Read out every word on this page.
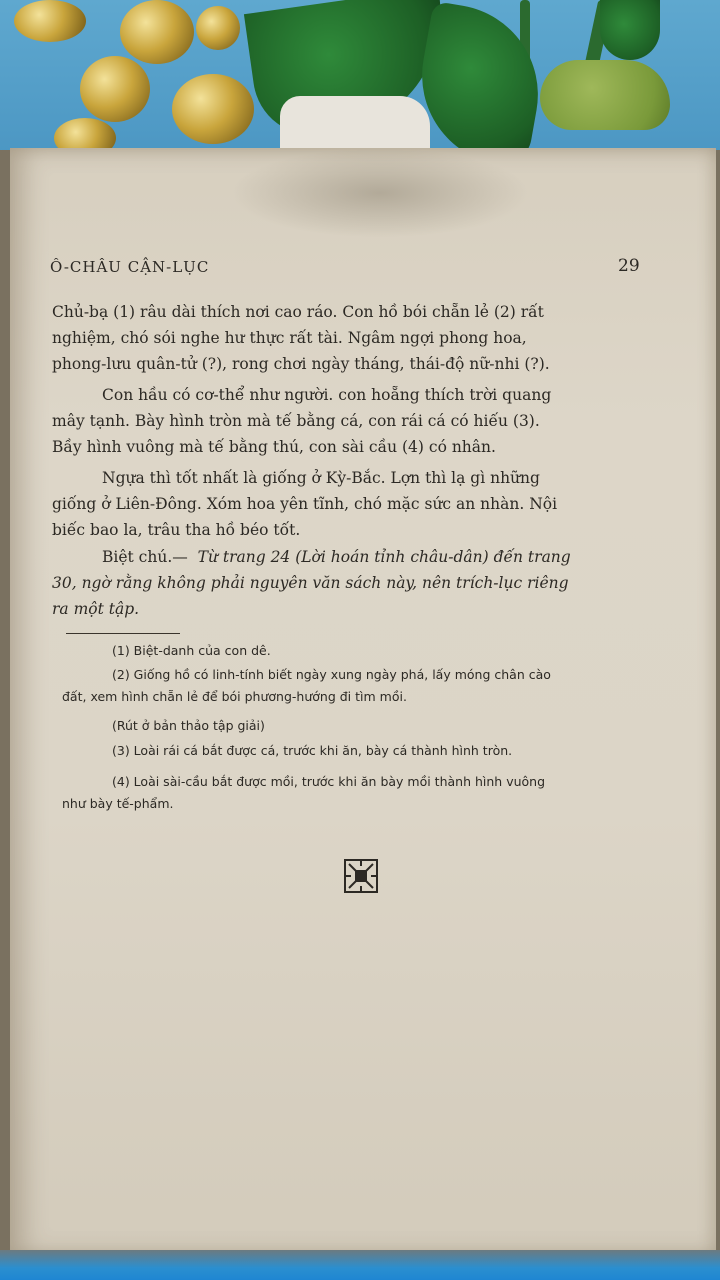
Ô-CHÂU CẬN-LỤC	29
Chủ-bạ (1) râu dài thích nơi cao ráo. Con hồ bói chẵn lẻ (2) rất
nghiệm, chó sói nghe hư thực rất tài. Ngâm ngợi phong hoa,
phong-lưu quân-tử (?), rong chơi ngày tháng, thái-độ nữ-nhi (?).
Con hầu có cơ-thể như người. con hoẵng thích trời quang
mây tạnh. Bày hình tròn mà tế bằng cá, con rái cá có hiếu (3).
Bầy hình vuông mà tế bằng thú, con sài cầu (4) có nhân.
Ngựa thì tốt nhất là giống ở Kỳ-Bắc. Lợn thì lạ gì những
giống ở Liên-Đông. Xóm hoa yên tĩnh, chó mặc sức an nhàn. Nội
biếc bao la, trâu tha hồ béo tốt.
Biệt chú.— Từ trang 24 (Lời hoán tỉnh châu-dân) đến trang
30, ngờ rằng không phải nguyên văn sách này, nên trích-lục riêng
ra một tập.
(1) Biệt-danh của con dê.
(2) Giống hồ có linh-tính biết ngày xung ngày phá, lấy móng chân cào
đất, xem hình chẵn lẻ để bói phương-hướng đi tìm mồi.
(Rút ở bản thảo tập giải)
(3) Loài rái cá bắt được cá, trước khi ăn, bày cá thành hình tròn.
(4) Loài sài-cầu bắt được mồi, trước khi ăn bày mồi thành hình vuông
như bày tế-phẩm.
